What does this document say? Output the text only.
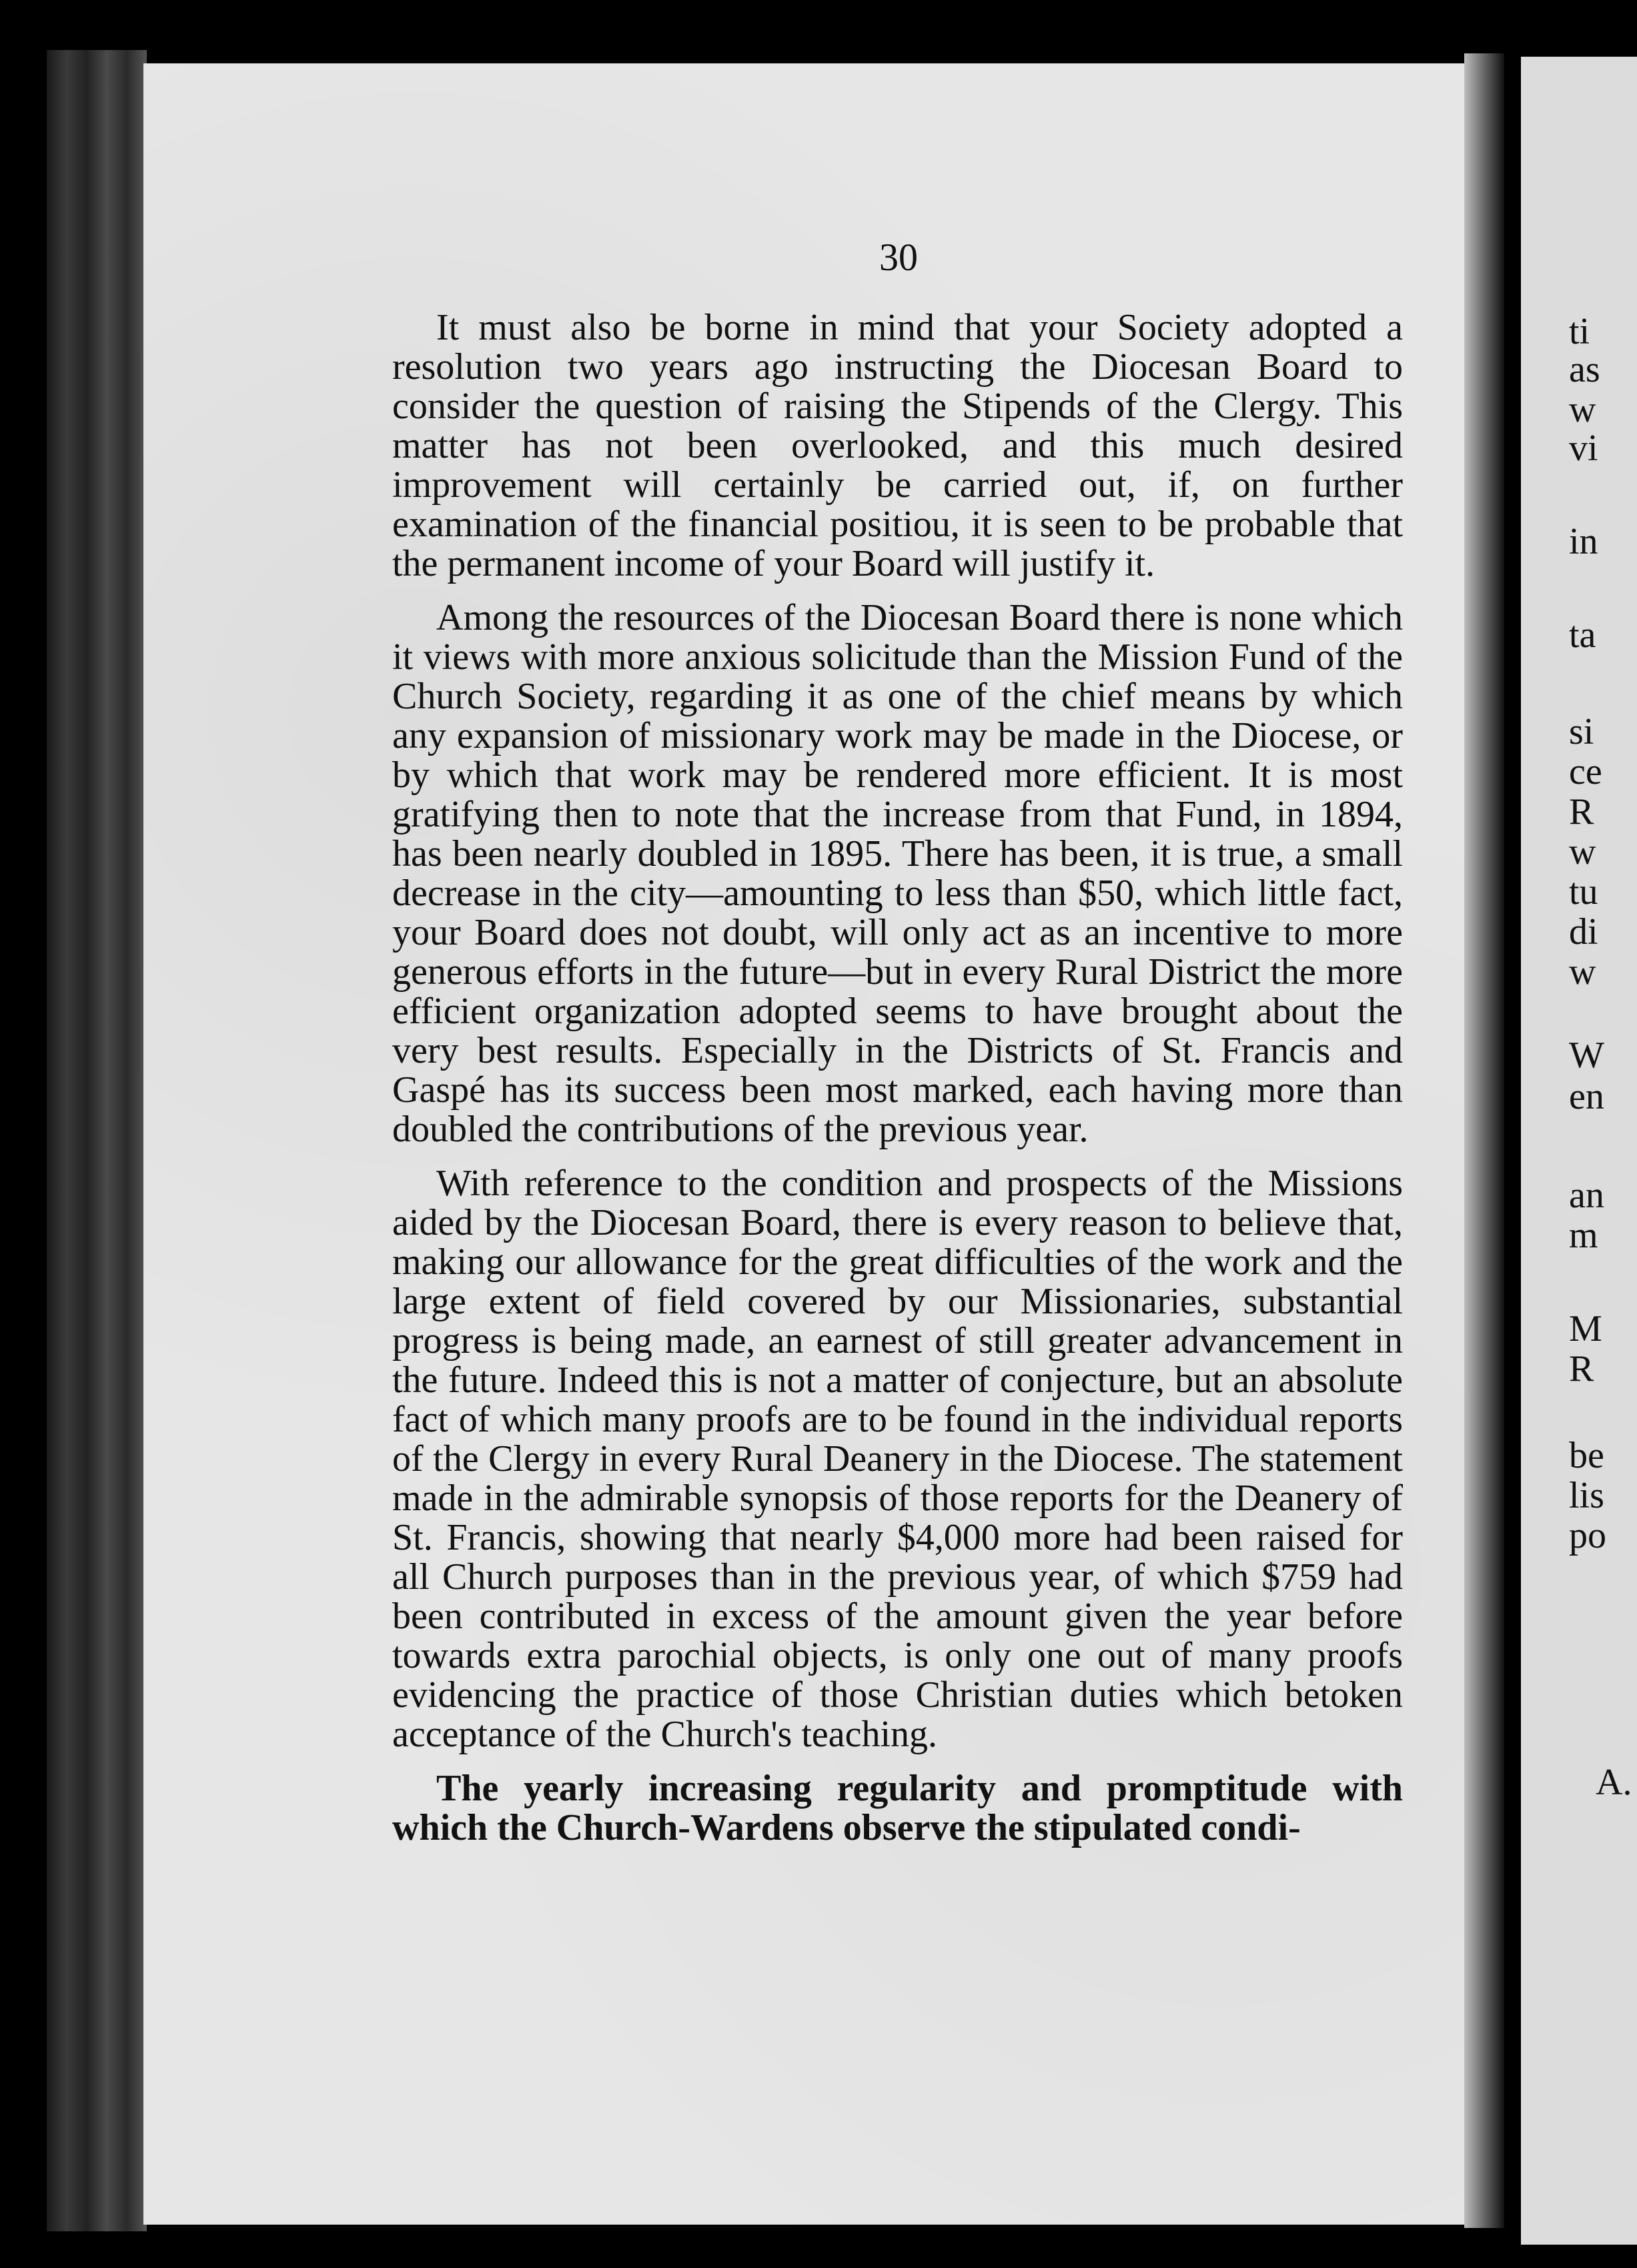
30

It must also be borne in mind that your Society adopted a resolution two years ago instructing the Diocesan Board to consider the question of raising the Stipends of the Clergy. This matter has not been overlooked, and this much desired improvement will certainly be carried out, if, on further examination of the financial positiou, it is seen to be probable that the permanent income of your Board will justify it.

Among the resources of the Diocesan Board there is none which it views with more anxious solicitude than the Mission Fund of the Church Society, regarding it as one of the chief means by which any expansion of missionary work may be made in the Diocese, or by which that work may be rendered more efficient. It is most gratifying then to note that the increase from that Fund, in 1894, has been nearly doubled in 1895. There has been, it is true, a small decrease in the city—amounting to less than $50, which little fact, your Board does not doubt, will only act as an incentive to more generous efforts in the future—but in every Rural District the more efficient organization adopted seems to have brought about the very best results. Especially in the Districts of St. Francis and Gaspé has its success been most marked, each having more than doubled the contributions of the previous year.

With reference to the condition and prospects of the Missions aided by the Diocesan Board, there is every reason to believe that, making our allowance for the great difficulties of the work and the large extent of field covered by our Missionaries, substantial progress is being made, an earnest of still greater advancement in the future. Indeed this is not a matter of conjecture, but an absolute fact of which many proofs are to be found in the individual reports of the Clergy in every Rural Deanery in the Diocese. The statement made in the admirable synopsis of those reports for the Deanery of St. Francis, showing that nearly $4,000 more had been raised for all Church purposes than in the previous year, of which $759 had been contributed in excess of the amount given the year before towards extra parochial objects, is only one out of many proofs evidencing the practice of those Christian duties which betoken acceptance of the Church's teaching.

The yearly increasing regularity and promptitude with which the Church-Wardens observe the stipulated condi-

ti
as
w
vi
in
ta
si
ce
R
w
tu
di
w
W
en
an
m
M
R
be
lis
po
A.
